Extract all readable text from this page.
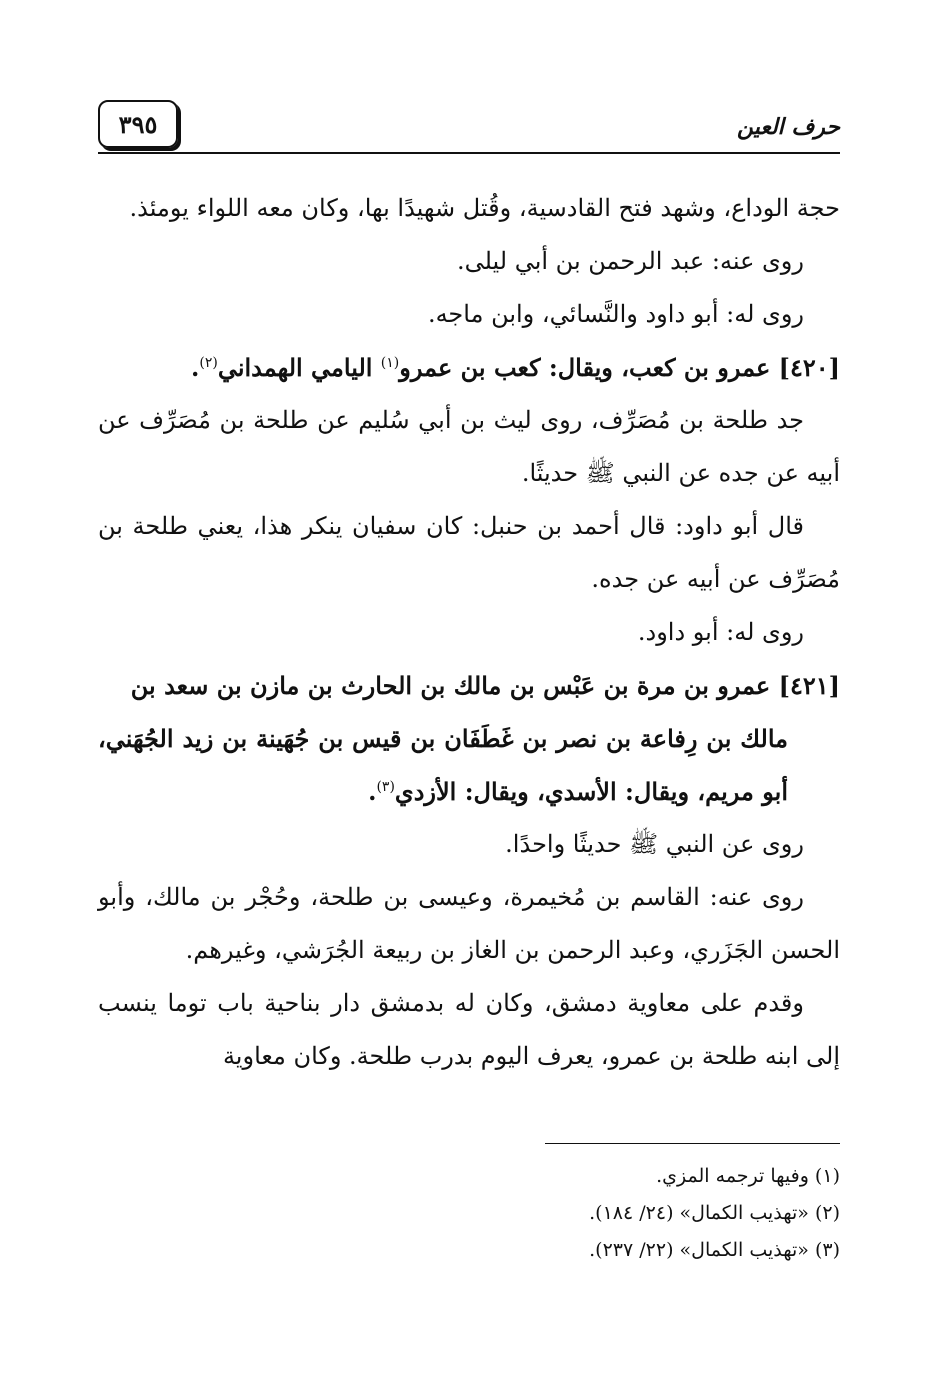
٣٩٥	حرف العين

حجة الوداع، وشهد فتح القادسية، وقُتل شهيدًا بها، وكان معه اللواء يومئذ.

روى عنه: عبد الرحمن بن أبي ليلى.

روى له: أبو داود والنَّسائي، وابن ماجه.

[٤٢٠] عمرو بن كعب، ويقال: كعب بن عمرو$^{(١)}$ اليامي الهمداني$^{(٢)}$.

جد طلحة بن مُصَرِّف، روى ليث بن أبي سُليم عن طلحة بن مُصَرِّف عن أبيه عن جده عن النبي ﷺ حديثًا.

قال أبو داود: قال أحمد بن حنبل: كان سفيان ينكر هذا، يعني طلحة بن مُصَرِّف عن أبيه عن جده.

روى له: أبو داود.

[٤٢١] عمرو بن مرة بن عَبْس بن مالك بن الحارث بن مازن بن سعد بن
مالك بن رِفاعة بن نصر بن غَطَفَان بن قيس بن جُهَينة بن زيد الجُهَني، أبو مريم، ويقال: الأسدي، ويقال: الأزدي$^{(٣)}$.

روى عن النبي ﷺ حديثًا واحدًا.

روى عنه: القاسم بن مُخيمرة، وعيسى بن طلحة، وحُجْر بن مالك، وأبو الحسن الجَزَري، وعبد الرحمن بن الغاز بن ربيعة الجُرَشي، وغيرهم.

وقدم على معاوية دمشق، وكان له بدمشق دار بناحية باب توما ينسب إلى ابنه طلحة بن عمرو، يعرف اليوم بدرب طلحة. وكان معاوية

(١) وفيها ترجمه المزي.

(٢) «تهذيب الكمال» (٢٤/ ١٨٤).

(٣) «تهذيب الكمال» (٢٢/ ٢٣٧).
